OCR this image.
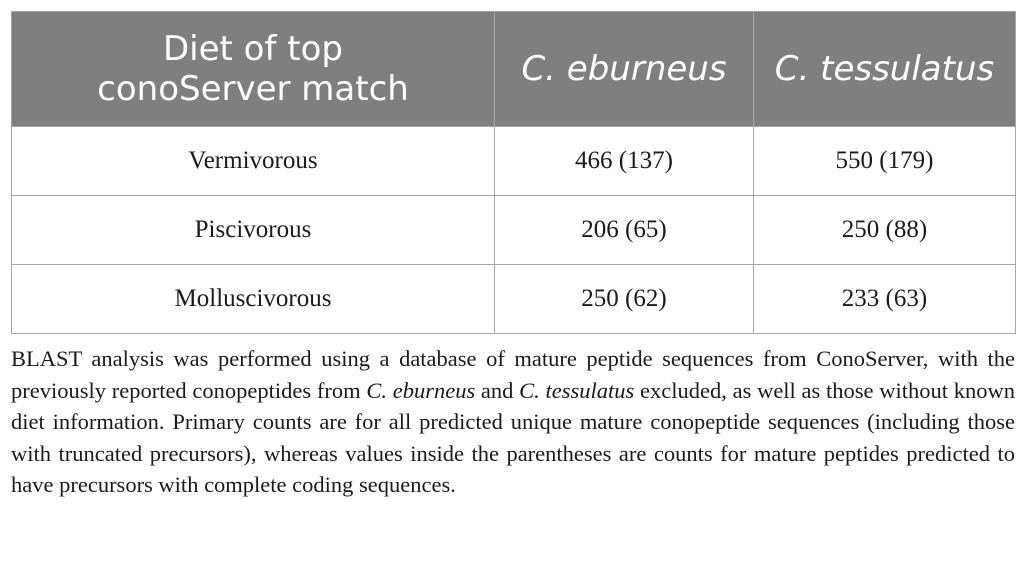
Diet of top
conoServer match	C. eburneus	C. tessulatus
Vermivorous	466 (137)	550 (179)
Piscivorous	206 (65)	250 (88)
Molluscivorous	250 (62)	233 (63)

BLAST analysis was performed using a database of mature peptide sequences from ConoServer, with the previously reported conopeptides from C. eburneus and C. tessulatus excluded, as well as those without known diet information. Primary counts are for all predicted unique mature conopeptide sequences (including those with truncated precursors), whereas values inside the parentheses are counts for mature peptides predicted to have precursors with complete coding sequences.
